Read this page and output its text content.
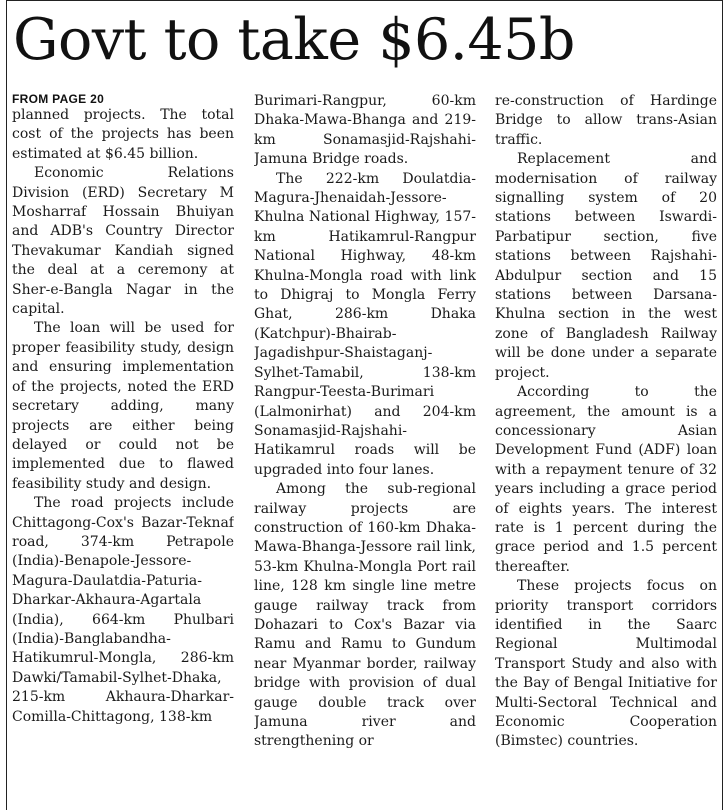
Govt to take $6.45b
FROM PAGE 20

planned projects. The total cost of the projects has been estimated at $6.45 billion.

Economic Relations Division (ERD) Secretary M Mosharraf Hossain Bhuiyan and ADB's Country Director Thevakumar Kandiah signed the deal at a ceremony at Sher-e-Bangla Nagar in the capital.

The loan will be used for proper feasibility study, design and ensuring implementation of the projects, noted the ERD secretary adding, many projects are either being delayed or could not be implemented due to flawed feasibility study and design.

The road projects include Chittagong-Cox's Bazar-Teknaf road, 374-km Petrapole (India)-Benapole-Jessore-Magura-Daulatdia-Paturia-Dharkar-Akhaura-Agartala (India), 664-km Phulbari (India)-Banglabandha-Hatikumrul-Mongla, 286-km Dawki/Tamabil-Sylhet-Dhaka, 215-km Akhaura-Dharkar-Comilla-Chittagong, 138-km

Burimari-Rangpur, 60-km Dhaka-Mawa-Bhanga and 219-km Sonamasjid-Rajshahi-Jamuna Bridge roads.

The 222-km Doulatdia-Magura-Jhenaidah-Jessore-Khulna National Highway, 157-km Hatikamrul-Rangpur National Highway, 48-km Khulna-Mongla road with link to Dhigraj to Mongla Ferry Ghat, 286-km Dhaka (Katchpur)-Bhairab-Jagadishpur-Shaistaganj-Sylhet-Tamabil, 138-km Rangpur-Teesta-Burimari (Lalmonirhat) and 204-km Sonamasjid-Rajshahi-Hatikamrul roads will be upgraded into four lanes.

Among the sub-regional railway projects are construction of 160-km Dhaka-Mawa-Bhanga-Jessore rail link, 53-km Khulna-Mongla Port rail line, 128 km single line metre gauge railway track from Dohazari to Cox's Bazar via Ramu and Ramu to Gundum near Myanmar border, railway bridge with provision of dual gauge double track over Jamuna river and strengthening or

re-construction of Hardinge Bridge to allow trans-Asian traffic.

Replacement and modernisation of railway signalling system of 20 stations between Iswardi-Parbatipur section, five stations between Rajshahi-Abdulpur section and 15 stations between Darsana-Khulna section in the west zone of Bangladesh Railway will be done under a separate project.

According to the agreement, the amount is a concessionary Asian Development Fund (ADF) loan with a repayment tenure of 32 years including a grace period of eights years. The interest rate is 1 percent during the grace period and 1.5 percent thereafter.

These projects focus on priority transport corridors identified in the Saarc Regional Multimodal Transport Study and also with the Bay of Bengal Initiative for Multi-Sectoral Technical and Economic Cooperation (Bimstec) countries.
